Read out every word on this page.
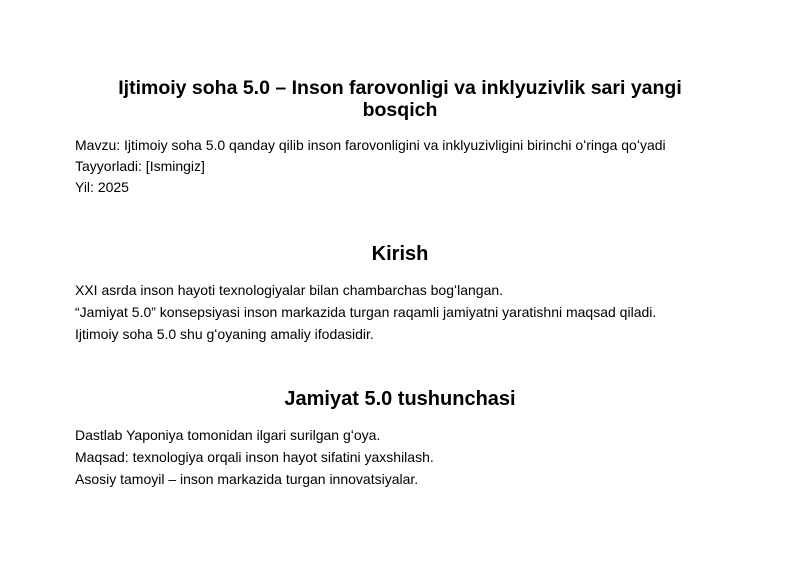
Ijtimoiy soha 5.0 – Inson farovonligi va inklyuzivlik sari yangi bosqich
Mavzu: Ijtimoiy soha 5.0 qanday qilib inson farovonligini va inklyuzivligini birinchi oʻringa qoʻyadi
Tayyorladi: [Ismingiz]
Yil: 2025
Kirish
XXI asrda inson hayoti texnologiyalar bilan chambarchas bogʻlangan.
“Jamiyat 5.0” konsepsiyasi inson markazida turgan raqamli jamiyatni yaratishni maqsad qiladi.
Ijtimoiy soha 5.0 shu gʻoyaning amaliy ifodasidir.
Jamiyat 5.0 tushunchasi
Dastlab Yaponiya tomonidan ilgari surilgan gʻoya.
Maqsad: texnologiya orqali inson hayot sifatini yaxshilash.
Asosiy tamoyil – inson markazida turgan innovatsiyalar.
